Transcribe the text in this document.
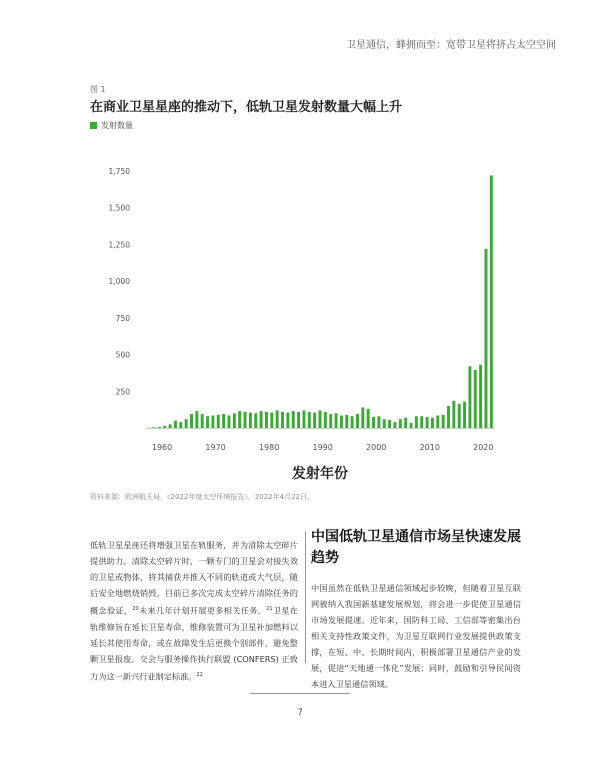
卫星通信，蜂拥而至：宽带卫星将挤占太空空间
图 1
在商业卫星星座的推动下，低轨卫星发射数量大幅上升
发射数量
250
500
750
1,000
1,250
1,500
1,750
1960	1970	1980	1990	2000	2010	2020
发射年份
资料来源：欧洲航天局，《2022年度太空环境报告》，2022年4月22日。

低轨卫星星座还将增强卫星在轨服务，并为清除太空碎片提供助力。清除太空碎片时，一颗专门的卫星会对接失效的卫星或物体，将其捕获并推入不同的轨道或大气层，随后安全地燃烧销毁。目前已多次完成太空碎片清除任务的概念验证，$^{20}$未来几年计划开展更多相关任务。$^{21}$卫星在轨维修旨在延长卫星寿命，维修装置可为卫星补加燃料以延长其使用寿命，或在故障发生后更换个别部件，避免整颗卫星报废。交会与服务操作执行联盟 (CONFERS) 正致力为这一新兴行业制定标准。$^{22}$

中国低轨卫星通信市场呈快速发展趋势

中国虽然在低轨卫星通信领域起步较晚，但随着卫星互联网被纳入我国新基建发展规划，将会进一步促使卫星通信市场发展提速。近年来，国防科工局、工信部等密集出台相关支持性政策文件，为卫星互联网行业发展提供政策支撑，在短、中、长期时间内，积极部署卫星通信产业的发展，促进“天地通一体化”发展；同时，鼓励和引导民间资本进入卫星通信领域。

7
